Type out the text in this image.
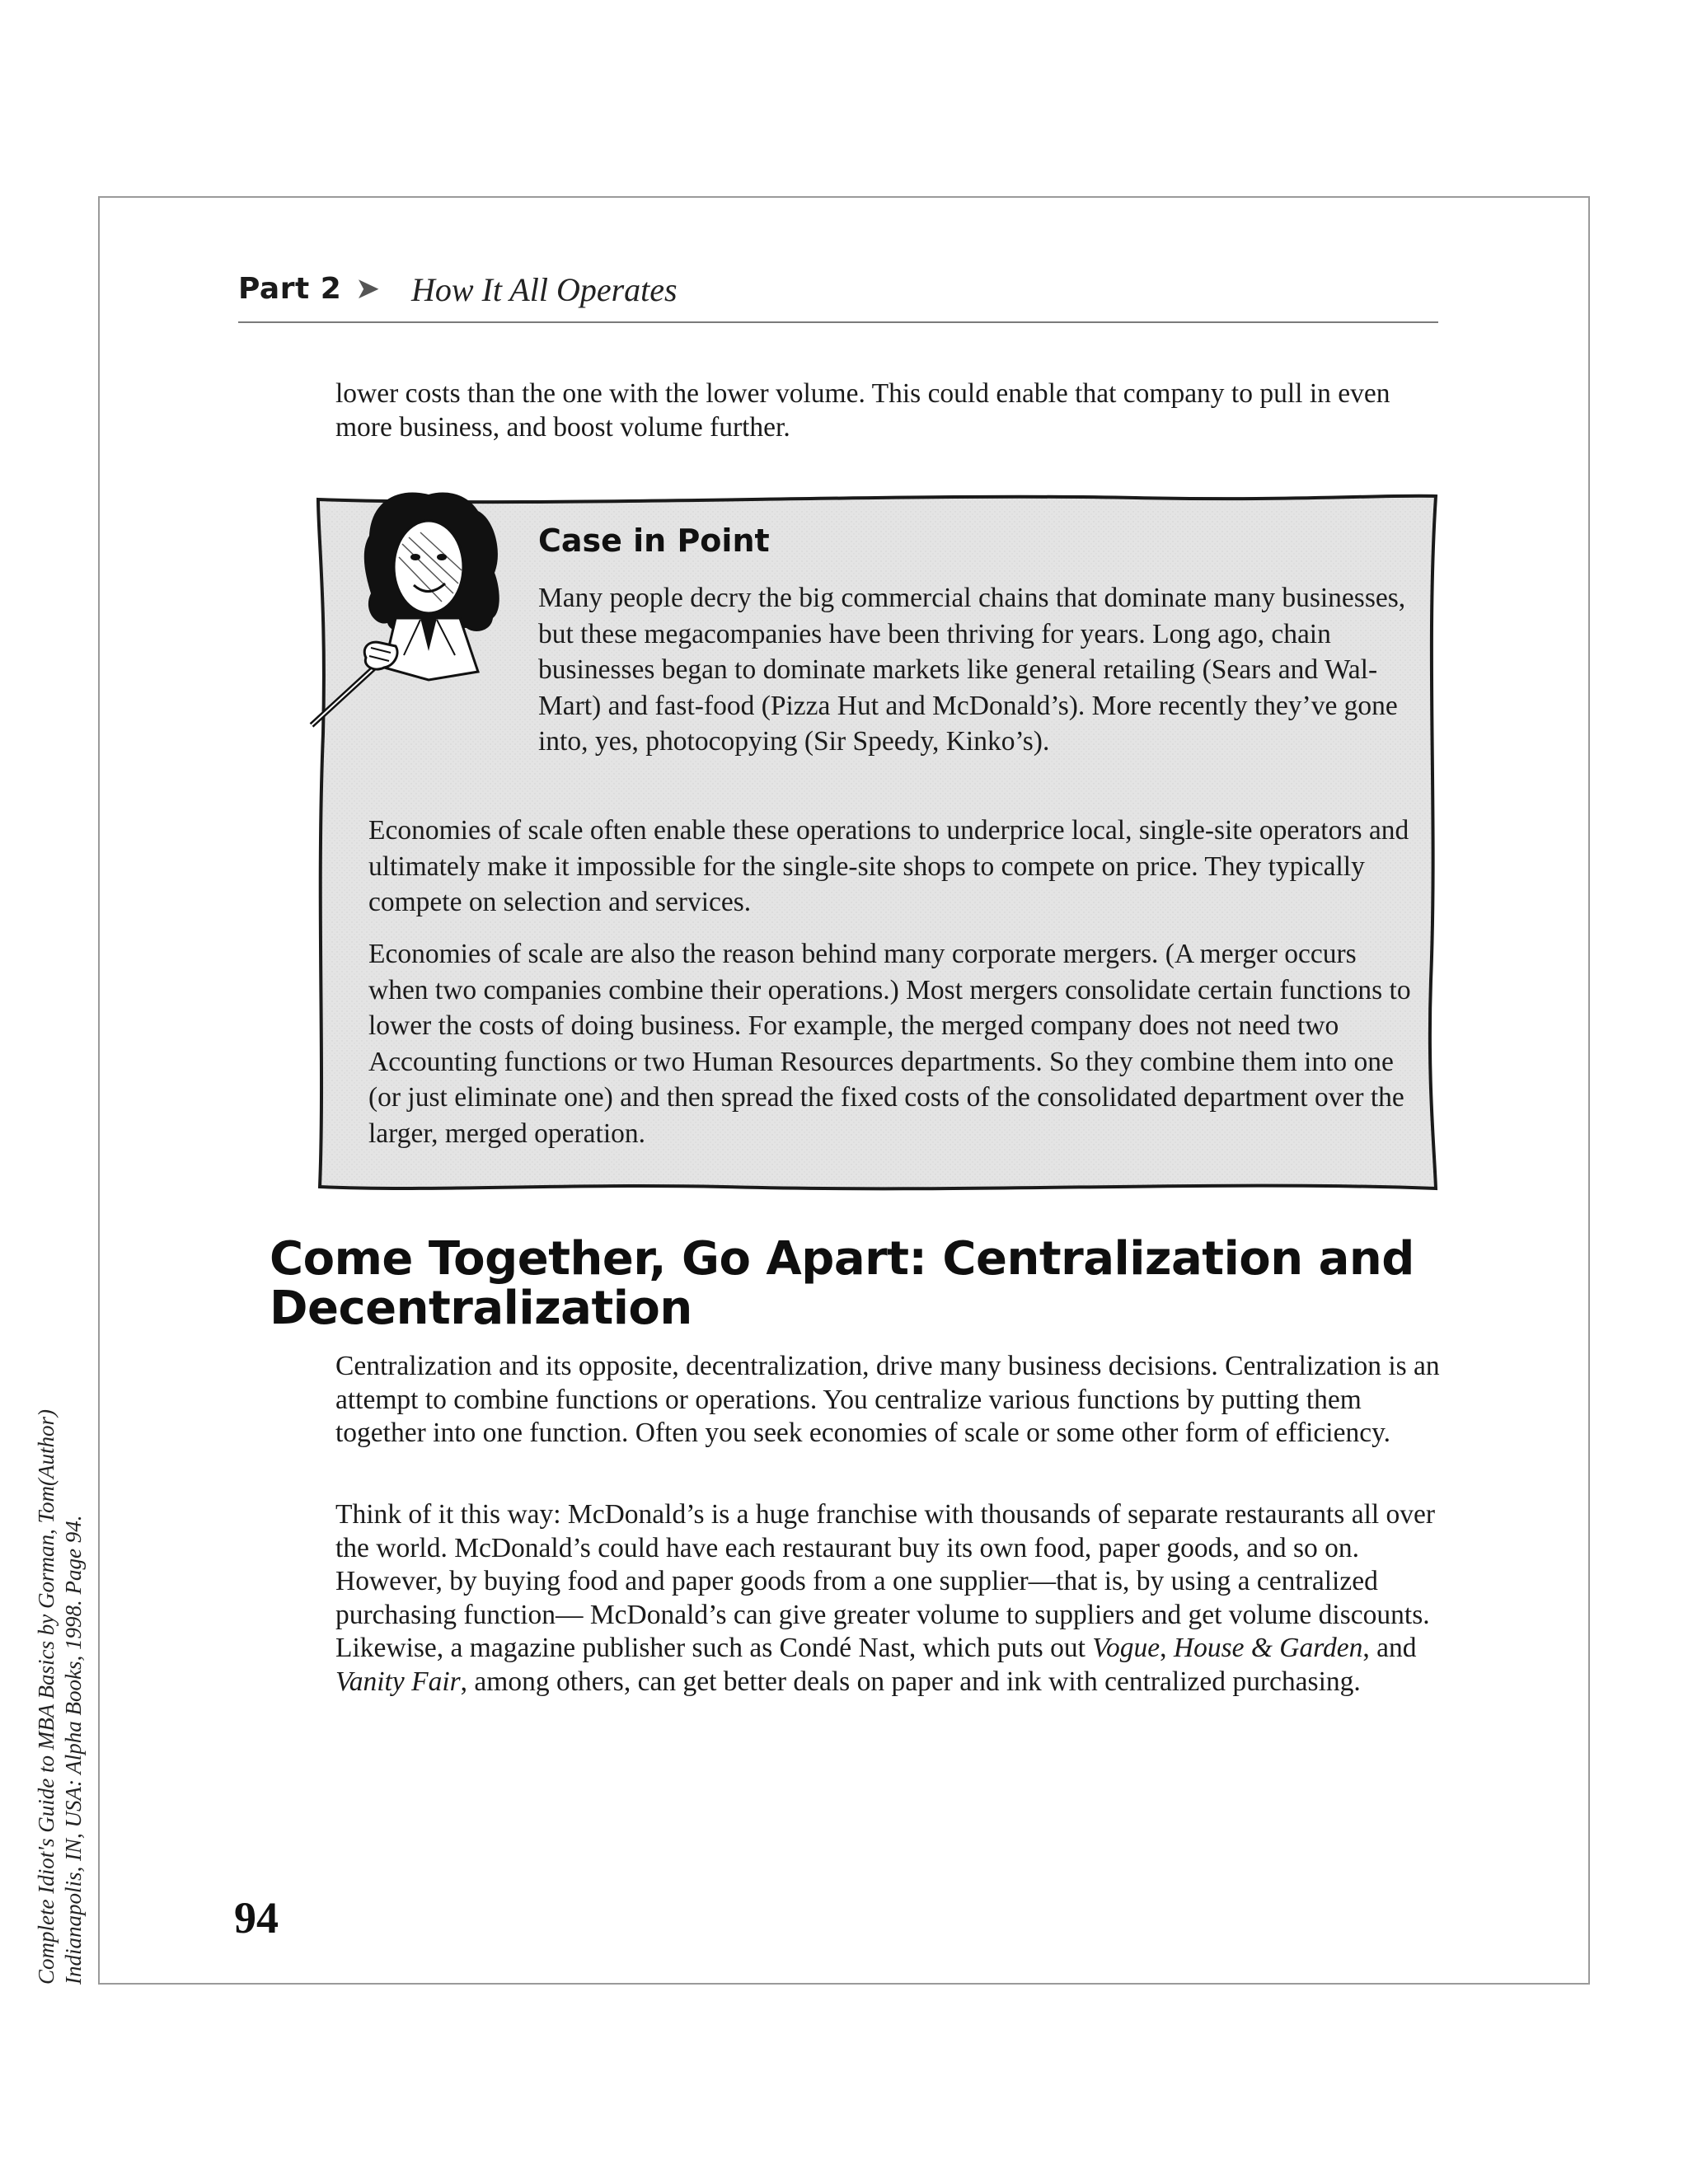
Part 2 ➤ How It All Operates

lower costs than the one with the lower volume. This could enable that company to pull in even more business, and boost volume further.

Case in Point

Many people decry the big commercial chains that dominate many businesses, but these megacompanies have been thriving for years. Long ago, chain businesses began to dominate markets like general retailing (Sears and Wal-Mart) and fast-food (Pizza Hut and McDonald’s). More recently they’ve gone into, yes, photocopying (Sir Speedy, Kinko’s).

Economies of scale often enable these operations to underprice local, single-site operators and ultimately make it impossible for the single-site shops to compete on price. They typically compete on selection and services.

Economies of scale are also the reason behind many corporate mergers. (A merger occurs when two companies combine their operations.) Most mergers consolidate certain functions to lower the costs of doing business. For example, the merged company does not need two Accounting functions or two Human Resources departments. So they combine them into one (or just eliminate one) and then spread the fixed costs of the consolidated department over the larger, merged operation.

Come Together, Go Apart: Centralization and Decentralization

Centralization and its opposite, decentralization, drive many business decisions. Centralization is an attempt to combine functions or operations. You centralize various functions by putting them together into one function. Often you seek economies of scale or some other form of efficiency.

Think of it this way: McDonald’s is a huge franchise with thousands of separate restaurants all over the world. McDonald’s could have each restaurant buy its own food, paper goods, and so on. However, by buying food and paper goods from a one supplier—that is, by using a centralized purchasing function— McDonald’s can give greater volume to suppliers and get volume discounts. Likewise, a magazine publisher such as Condé Nast, which puts out Vogue, House & Garden, and Vanity Fair, among others, can get better deals on paper and ink with centralized purchasing.

94
Complete Idiot's Guide to MBA Basics by Gorman, Tom(Author) Indianapolis, IN, USA: Alpha Books, 1998. Page 94.
